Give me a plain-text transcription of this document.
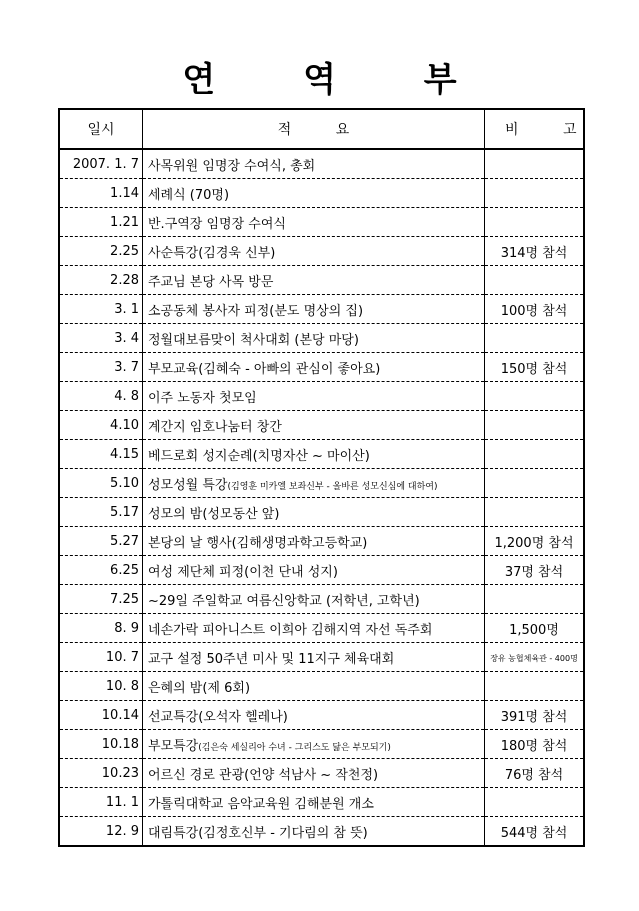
연 역 부
일시	적 요	비 고
2007. 1. 7	사목위원 임명장 수여식, 총회	
1.14	세례식 (70명)	
1.21	반.구역장 임명장 수여식	
2.25	사순특강(김경욱 신부)	314명 참석
2.28	주교님 본당 사목 방문	
3. 1	소공동체 봉사자 피정(분도 명상의 집)	100명 참석
3. 4	정월대보름맞이 척사대회 (본당 마당)	
3. 7	부모교육(김혜숙 - 아빠의 관심이 좋아요)	150명 참석
4. 8	이주 노동자 첫모임	
4.10	계간지 임호나눔터 창간	
4.15	베드로회 성지순례(치명자산 ~ 마이산)	
5.10	성모성월 특강(김영훈 미카엘 보좌신부 - 올바른 성모신심에 대하여)	
5.17	성모의 밤(성모동산 앞)	
5.27	본당의 날 행사(김해생명과학고등학교)	1,200명 참석
6.25	여성 제단체 피정(이천 단내 성지)	37명 참석
7.25	~29일 주일학교 여름신앙학교 (저학년, 고학년)	
8. 9	네손가락 피아니스트 이희아 김해지역 자선 독주회	1,500명
10. 7	교구 설정 50주년 미사 및 11지구 체육대회	장유 농협체육관 - 400명
10. 8	은혜의 밤(제 6회)	
10.14	선교특강(오석자 헬레나)	391명 참석
10.18	부모특강(김은숙 세실리아 수녀 - 그리스도 닮은 부모되기)	180명 참석
10.23	어르신 경로 관광(언양 석남사 ~ 작천정)	76명 참석
11. 1	가톨릭대학교 음악교육원 김해분원 개소	
12. 9	대림특강(김정호신부 - 기다림의 참 뜻)	544명 참석
